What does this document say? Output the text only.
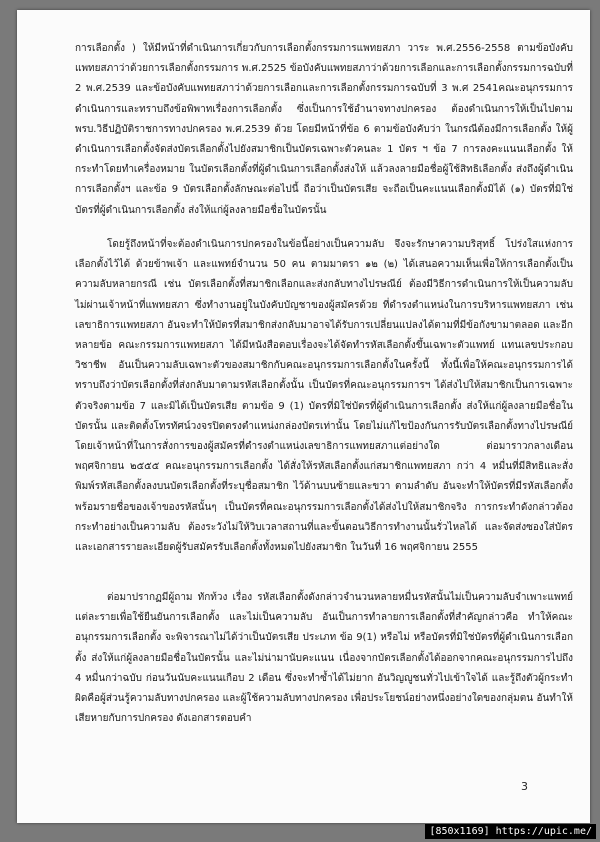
การเลือกตั้ง ) ให้มีหน้าที่ดำเนินการเกี่ยวกับการเลือกตั้งกรรมการแพทยสภา วาระ พ.ศ.2556-2558 ตามข้อบังคับแพทยสภาว่าด้วยการเลือกตั้งกรรมการ พ.ศ.2525 ข้อบังคับแพทยสภาว่าด้วยการเลือกและการเลือกตั้งกรรมการฉบับที่ 2 พ.ศ.2539 และข้อบังคับแพทยสภาว่าด้วยการเลือกและการเลือกตั้งกรรมการฉบับที่ 3 พ.ศ 2541คณะอนุกรรมการดำเนินการและทราบถึงข้อพิพาทเรื่องการเลือกตั้ง ซึ่งเป็นการใช้อำนาจทางปกครอง ต้องดำเนินการให้เป็นไปตาม พรบ.วิธีปฏิบัติราชการทางปกครอง พ.ศ.2539 ด้วย โดยมีหน้าที่ข้อ 6 ตามข้อบังคับว่า ในกรณีต้องมีการเลือกตั้ง ให้ผู้ดำเนินการเลือกตั้งจัดส่งบัตรเลือกตั้งไปยังสมาชิกเป็นบัตรเฉพาะตัวคนละ 1 บัตร ฯ ข้อ 7 การลงคะแนนเลือกตั้ง ให้กระทำโดยทำเครื่องหมาย ในบัตรเลือกตั้งที่ผู้ดำเนินการเลือกตั้งส่งให้ แล้วลงลายมือชื่อผู้ใช้สิทธิเลือกตั้ง ส่งถึงผู้ดำเนินการเลือกตั้งฯ และข้อ 9 บัตรเลือกตั้งลักษณะต่อไปนี้ ถือว่าเป็นบัตรเสีย จะถือเป็นคะแนนเลือกตั้งมิได้ (๑) บัตรที่มิใช่บัตรที่ผู้ดำเนินการเลือกตั้ง ส่งให้แก่ผู้ลงลายมือชื่อในบัตรนั้น

โดยรู้ถึงหน้าที่จะต้องดำเนินการปกครองในข้อนี้อย่างเป็นความลับ จึงจะรักษาความบริสุทธิ์ โปร่งใสแห่งการเลือกตั้งไว้ได้ ด้วยข้าพเจ้า และแพทย์จำนวน 50 คน ตามมาตรา ๑๒ (๒) ได้เสนอความเห็นเพื่อให้การเลือกตั้งเป็นความลับหลายกรณี เช่น บัตรเลือกตั้งที่สมาชิกเลือกและส่งกลับทางไปรษณีย์ ต้องมีวิธีการดำเนินการให้เป็นความลับ ไม่ผ่านเจ้าหน้าที่แพทยสภา ซึ่งทำงานอยู่ในบังคับบัญชาของผู้สมัครด้วย ที่ดำรงตำแหน่งในการบริหารแพทยสภา เช่นเลขาธิการแพทยสภา อันจะทำให้บัตรที่สมาชิกส่งกลับมาอาจได้รับการเปลี่ยนแปลงได้ตามที่มีข้อกังขามาตลอด และอีกหลายข้อ คณะกรรมการแพทยสภา ได้มีหนังสือตอบเรื่องจะได้จัดทำรหัสเลือกตั้งขึ้นเฉพาะตัวแพทย์ แทนเลขประกอบวิชาชีพ อันเป็นความลับเฉพาะตัวของสมาชิกกับคณะอนุกรรมการเลือกตั้งในครั้งนี้ ทั้งนี้เพื่อให้คณะอนุกรรมการได้ทราบถึงว่าบัตรเลือกตั้งที่ส่งกลับมาตามรหัสเลือกตั้งนั้น เป็นบัตรที่คณะอนุกรรมการฯ ได้ส่งไปให้สมาชิกเป็นการเฉพาะตัวจริงตามข้อ 7 และมิได้เป็นบัตรเสีย ตามข้อ 9 (1) บัตรที่มิใช่บัตรที่ผู้ดำเนินการเลือกตั้ง ส่งให้แก่ผู้ลงลายมือชื่อในบัตรนั้น และติดตั้งโทรทัศน์วงจรปิดตรงตำแหน่งกล่องบัตรเท่านั้น โดยไม่แก้ไขป้องกันการรับบัตรเลือกตั้งทางไปรษณีย์โดยเจ้าหน้าที่ในการสั่งการของผู้สมัครที่ดำรงตำแหน่งเลขาธิการแพทยสภาแต่อย่างใด ต่อมาราวกลางเดือนพฤศจิกายน ๒๕๕๕ คณะอนุกรรมการเลือกตั้ง ได้สั่งให้รหัสเลือกตั้งแก่สมาชิกแพทยสภา กว่า 4 หมื่นที่มีสิทธิและสั่งพิมพ์รหัสเลือกตั้งลงบนบัตรเลือกตั้งที่ระบุชื่อสมาชิก ไว้ด้านบนซ้ายและขวา ตามลำดับ อันจะทำให้บัตรที่มีรหัสเลือกตั้งพร้อมรายชื่อของเจ้าของรหัสนั้นๆ เป็นบัตรที่คณะอนุกรรมการเลือกตั้งได้ส่งไปให้สมาชิกจริง การกระทำดังกล่าวต้องกระทำอย่างเป็นความลับ ต้องระวังไม่ให้วิบเวลาสถานที่และขั้นตอนวิธีการทำงานนั้นรั่วไหลได้ และจัดส่งซองใส่บัตรและเอกสารรายละเอียดผู้รับสมัครรับเลือกตั้งทั้งหมดไปยังสมาชิก ในวันที่ 16 พฤศจิกายน 2555

ต่อมาปรากฏมีผู้ถาม ทักท้วง เรื่อง รหัสเลือกตั้งดังกล่าวจำนวนหลายหมื่นรหัสนั้นไม่เป็นความลับจำเพาะแพทย์แต่ละรายเพื่อใช้ยืนยันการเลือกตั้ง และไม่เป็นความลับ อันเป็นการทำลายการเลือกตั้งที่สำคัญกล่าวคือ ทำให้คณะอนุกรรมการเลือกตั้ง จะพิจารณาไม่ได้ว่าเป็นบัตรเสีย ประเภท ข้อ 9(1) หรือไม่ หรือบัตรที่มิใช่บัตรที่ผู้ดำเนินการเลือกตั้ง ส่งให้แก่ผู้ลงลายมือชื่อในบัตรนั้น และไม่น่ามานับคะแนน เนื่องจากบัตรเลือกตั้งได้ออกจากคณะอนุกรรมการไปถึง 4 หมื่นกว่าฉบับ ก่อนวันนับคะแนนเกือบ 2 เดือน ซึ่งจะทำซ้ำได้ไม่ยาก อันวิญญูชนทั่วไปเข้าใจได้ และรู้ถึงตัวผู้กระทำผิดคือผู้ส่วนรู้ความลับทางปกครอง และผู้ใช้ความลับทางปกครอง เพื่อประโยชน์อย่างหนึ่งอย่างใดของกลุ่มตน อันทำให้เสียหายกับการปกครอง ดังเอกสารตอบคำ

3
[850x1169] https://upic.me/
